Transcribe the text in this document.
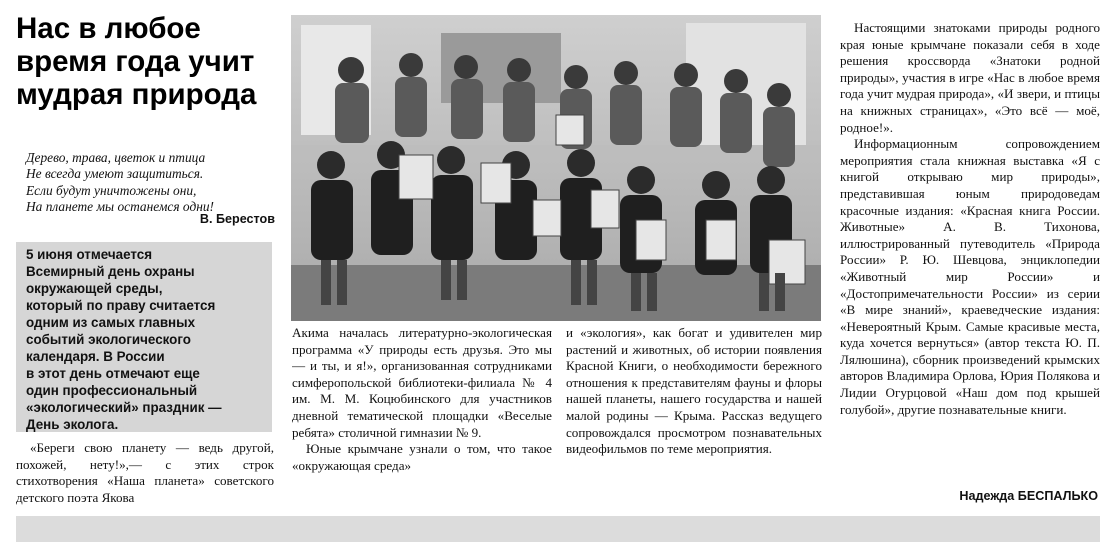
Нас в любое время года учит мудрая природа
Дерево, трава, цветок и птица
Не всегда умеют защититься.
Если будут уничтожены они,
На планете мы останемся одни!
В. Берестов
5 июня отмечается
Всемирный день охраны
окружающей среды,
который по праву считается
одним из самых главных
событий экологического
календаря. В России
в этот день отмечают еще
один профессиональный
«экологический» праздник —
День эколога.

«Береги свою планету — ведь другой, похожей, нету!»,— с этих строк стихотворения «Наша планета» советского детского поэта Якова

Акима началась литературно-экологическая программа «У природы есть друзья. Это мы — и ты, и я!», организованная сотрудниками симферопольской библиотеки-филиала № 4 им. М. М. Коцюбинского для участников дневной тематической площадки «Веселые ребята» столичной гимназии № 9.

Юные крымчане узнали о том, что такое «окружающая среда»

и «экология», как богат и удивителен мир растений и животных, об истории появления Красной Книги, о необходимости бережного отношения к представителям фауны и флоры нашей планеты, нашего государства и нашей малой родины — Крыма. Рассказ ведущего сопровождался просмотром познавательных видеофильмов по теме мероприятия.

Настоящими знатоками природы родного края юные крымчане показали себя в ходе решения кроссворда «Знатоки родной природы», участия в игре «Нас в любое время года учит мудрая природа», «И звери, и птицы на книжных страницах», «Это всё — моё, родное!».

Информационным сопровождением мероприятия стала книжная выставка «Я с книгой открываю мир природы», представившая юным природоведам красочные издания: «Красная книга России. Животные» А. В. Тихонова, иллюстрированный путеводитель «Природа России» Р. Ю. Шевцова, энциклопедии «Животный мир России» и «Достопримечательности России» из серии «В мире знаний», краеведческие издания: «Невероятный Крым. Самые красивые места, куда хочется вернуться» (автор текста Ю. П. Лялюшина), сборник произведений крымских авторов Владимира Орлова, Юрия Полякова и Лидии Огурцовой «Наш дом под крышей голубой», другие познавательные книги.

Надежда БЕСПАЛЬКО
